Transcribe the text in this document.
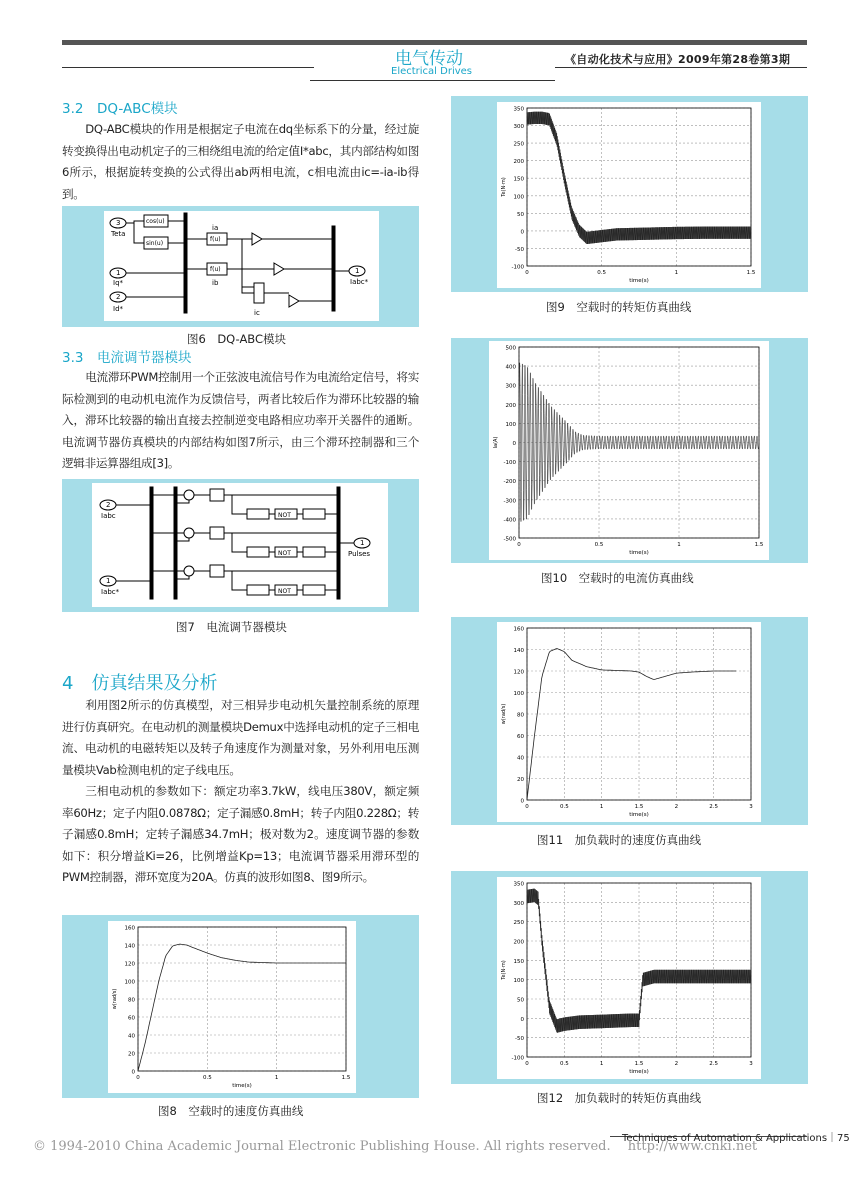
电气传动
Electrical Drives
《自动化技术与应用》2009年第28卷第3期
3.2　DQ-ABC模块

DQ-ABC模块的作用是根据定子电流在dq坐标系下的分量，经过旋转变换得出电动机定子的三相绕组电流的给定值I*abc，其内部结构如图6所示，根据旋转变换的公式得出ab两相电流，c相电流由ic=-ia-ib得到。

3
Teta
cos(u)
sin(u)
1
Iq*
2
Id*
f(u)
f(u)
ia
ib
ic
1
Iabc*
图6　DQ-ABC模块
3.3　电流调节器模块

电流滞环PWM控制用一个正弦波电流信号作为电流给定信号，将实际检测到的电动机电流作为反馈信号，两者比较后作为滞环比较器的输入，滞环比较器的输出直接去控制逆变电路相应功率开关器件的通断。电流调节器仿真模块的内部结构如图7所示，由三个滞环控制器和三个逻辑非运算器组成[3]。

2
Iabc
1
Iabc*
1
Pulses
NOT
NOT
NOT
图7　电流调节器模块
4　仿真结果及分析

利用图2所示的仿真模型，对三相异步电动机矢量控制系统的原理进行仿真研究。在电动机的测量模块Demux中选择电动机的定子三相电流、电动机的电磁转矩以及转子角速度作为测量对象，另外利用电压测量模块Vab检测电机的定子线电压。

三相电动机的参数如下：额定功率3.7kW，线电压380V，额定频率60Hz；定子内阻0.0878Ω；定子漏感0.8mH；转子内阻0.228Ω；转子漏感0.8mH；定转子漏感34.7mH；极对数为2。速度调节器的参数如下：积分增益Ki=26，比例增益Kp=13；电流调节器采用滞环型的PWM控制器，滞环宽度为20A。仿真的波形如图8、图9所示。

0
20
40
60
80
100
120
140
160
0	0.5	1	1.5
time(s)
w(rad/s)
图8　空载时的速度仿真曲线
-100
-50
0
50
100
150
200
250
300
350
0	0.5	1	1.5
time(s)
Te(N·m)
图9　空载时的转矩仿真曲线
-500
-400
-300
-200
-100
0
100
200
300
400
500
0	0.5	1	1.5
time(s)
Ia(A)
图10　空载时的电流仿真曲线
0
20
40
60
80
100
120
140
160
0	0.5	1	1.5	2	2.5	3
time(s)
w(rad/s)
图11　加负载时的速度仿真曲线
-100
-50
0
50
100
150
200
250
300
350
0	0.5	1	1.5	2	2.5	3
time(s)
Te(N·m)
图12　加负载时的转矩仿真曲线
Techniques of Automation & Applications｜75
© 1994-2010 China Academic Journal Electronic Publishing House. All rights reserved.　 http://www.cnki.net
